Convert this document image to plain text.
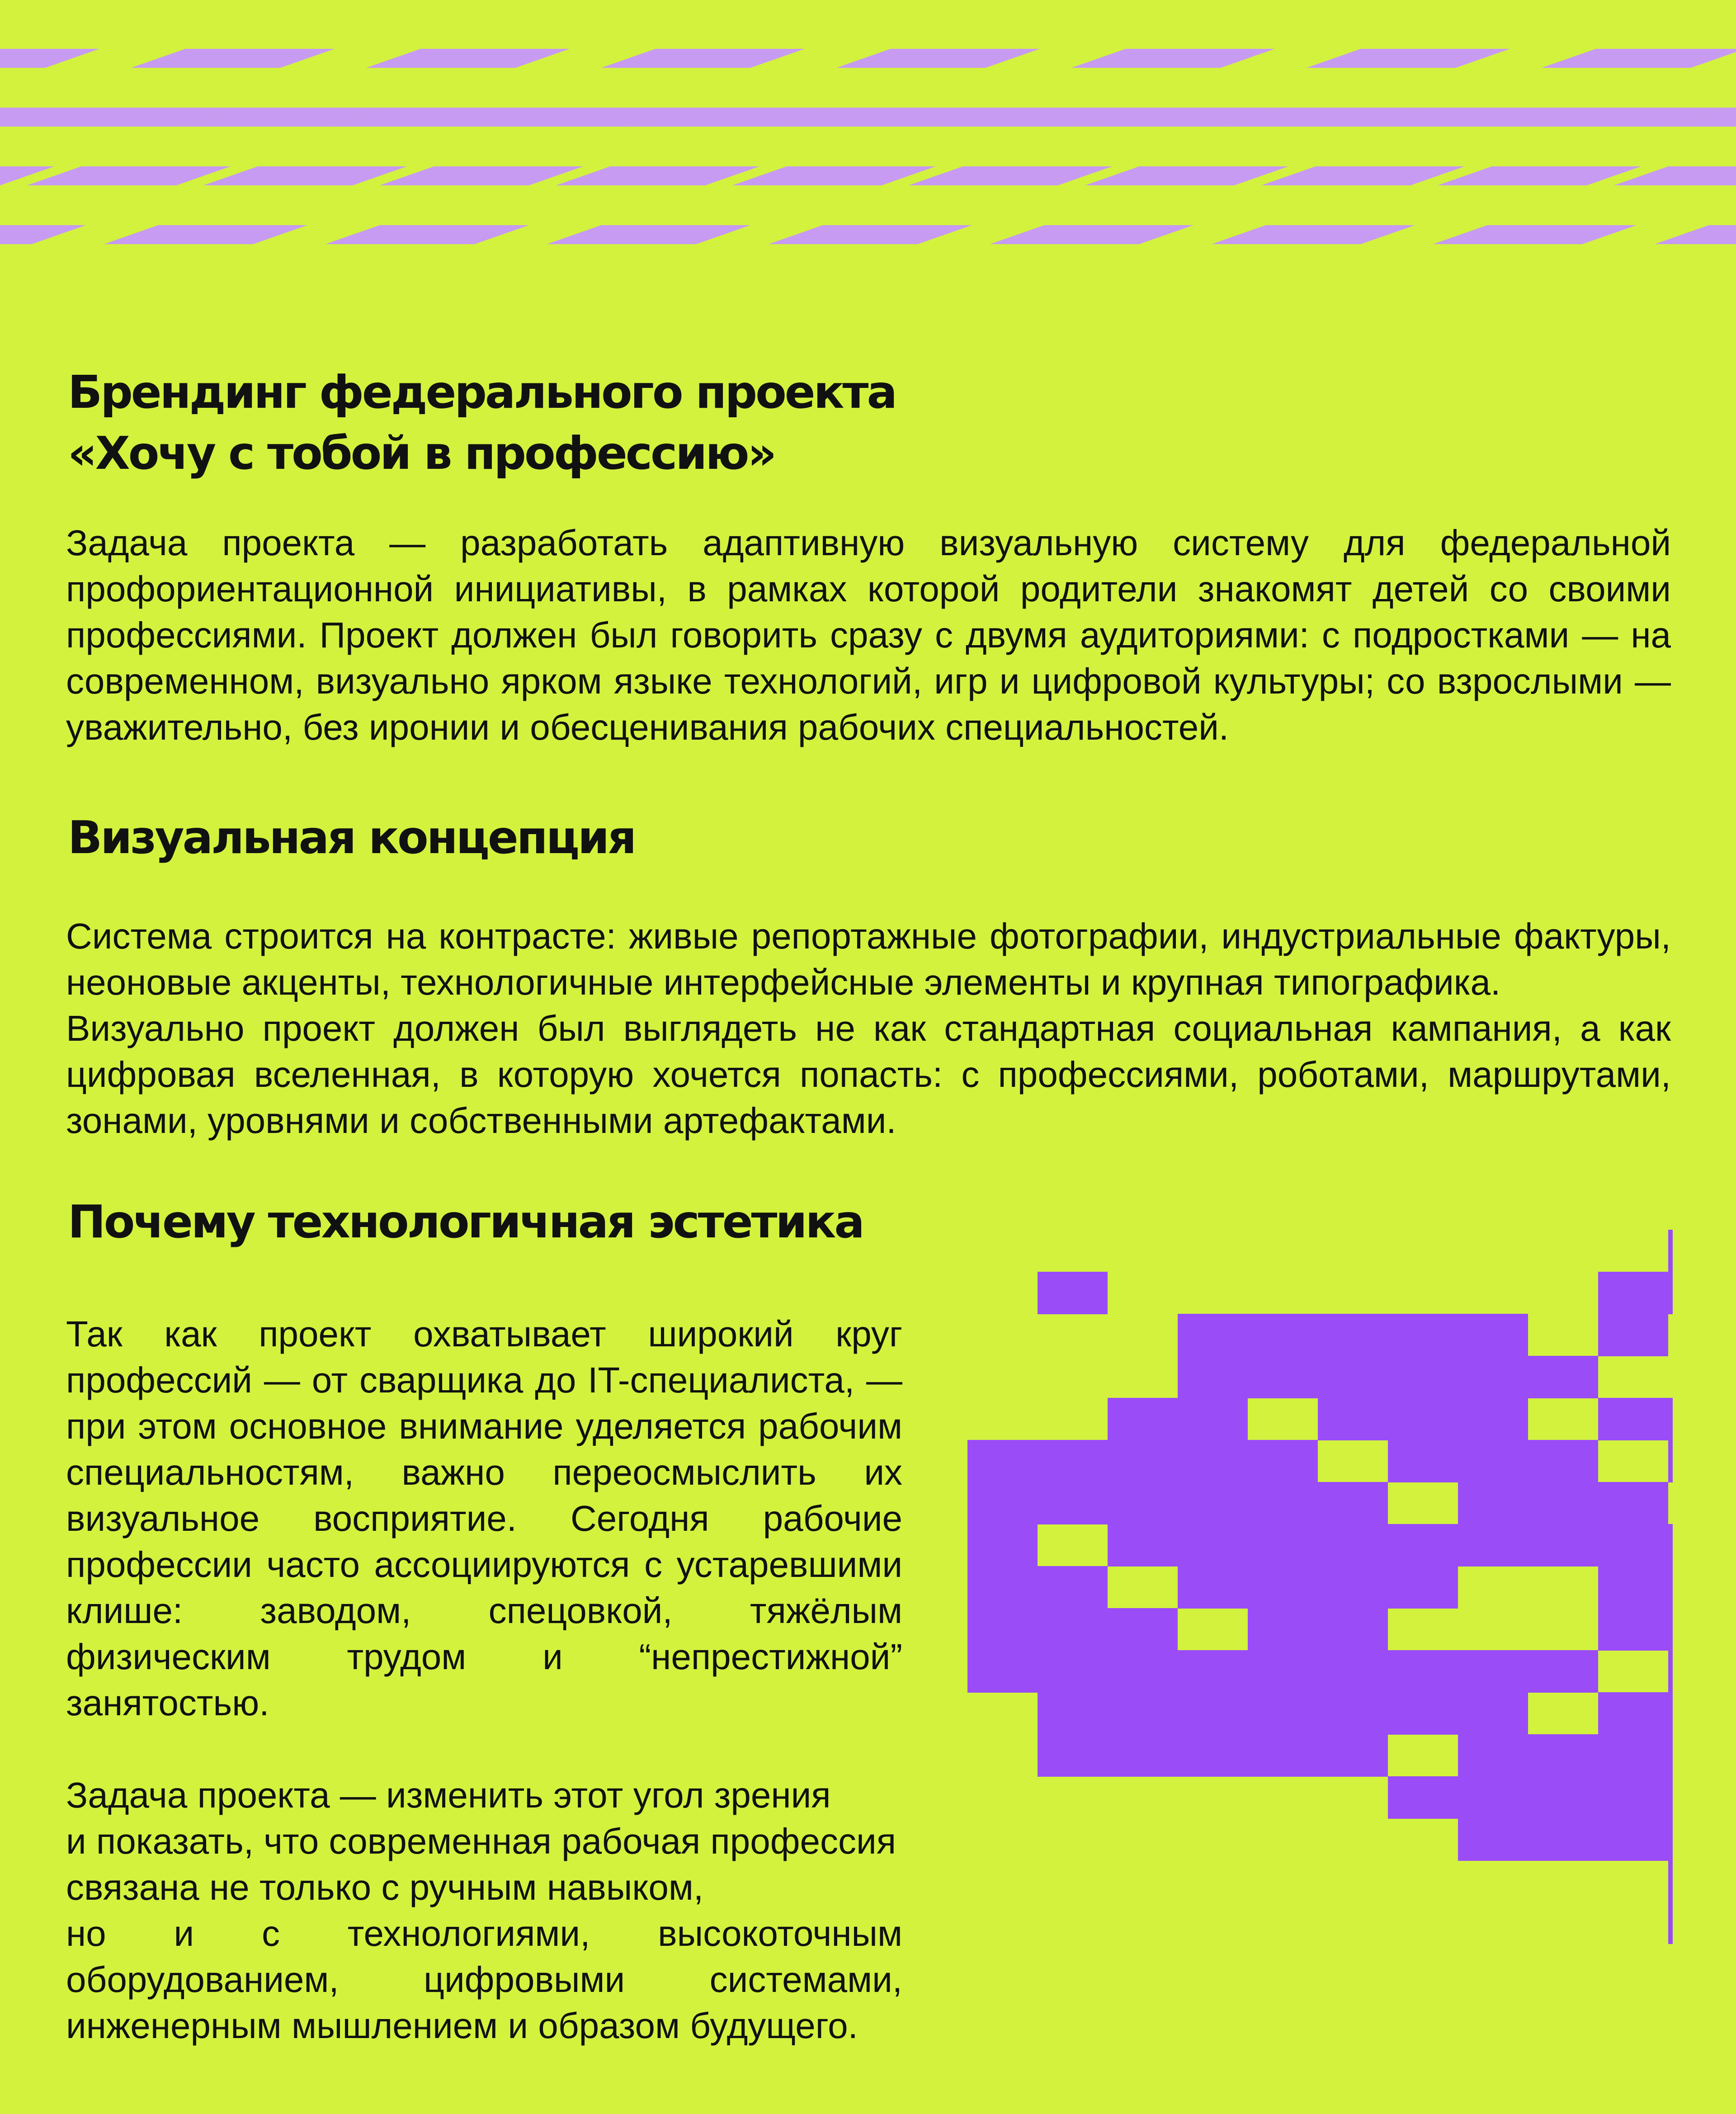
Брендинг федерального проекта
«Хочу с тобой в профессию»

Задача проекта — разработать адаптивную визуальную систему для федеральной профориентационной инициативы, в рамках которой родители знакомят детей со своими профессиями. Проект должен был говорить сразу с двумя аудиториями: с подростками — на современном, визуально ярком языке технологий, игр и цифровой культуры; со взрослыми — уважительно, без иронии и обесценивания рабочих специальностей.

Визуальная концепция
Система строится на контрасте: живые репортажные фотографии, индустриальные фактуры, неоновые акценты, технологичные интерфейсные элементы и крупная типографика.
Визуально проект должен был выглядеть не как стандартная социальная кампания, а как цифровая вселенная, в которую хочется попасть: с профессиями, роботами, маршрутами, зонами, уровнями и собственными артефактами.
Почему технологичная эстетика
Так как проект охватывает широкий круг профессий — от сварщика до IT-специалиста, — при этом основное внимание уделяется рабочим специальностям, важно переосмыслить их визуальное восприятие. Сегодня рабочие профессии часто ассоциируются с устаревшими клише: заводом, спецовкой, тяжёлым физическим трудом и “непрестижной” занятостью.
Задача проекта — изменить этот угол зрения
и показать, что современная рабочая профессия
связана не только с ручным навыком,
но и с технологиями, высокоточным оборудованием, цифровыми системами, инженерным мышлением и образом будущего.
